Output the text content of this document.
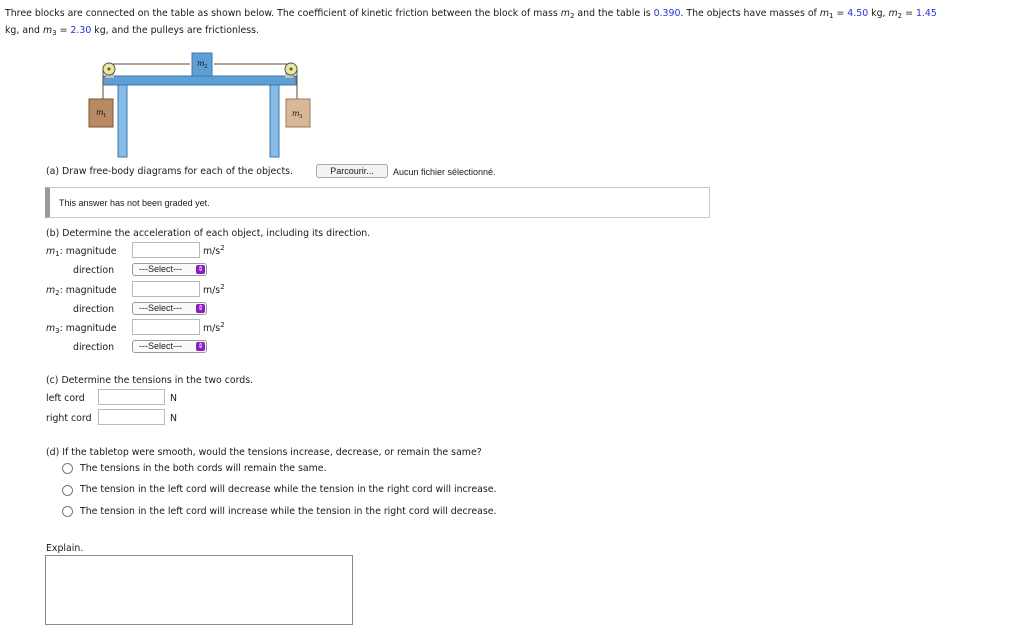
Three blocks are connected on the table as shown below. The coefficient of kinetic friction between the block of mass $m_2$ and the table is 0.390. The objects have masses of $m_1 = 4.50$ kg, $m_2 = 1.45$
kg, and $m_3 = 2.30$ kg, and the pulleys are frictionless.
m 2
m 1	m 3
(a) Draw free-body diagrams for each of the objects.	Parcourir...	Aucun fichier sélectionné.
This answer has not been graded yet.
(b) Determine the acceleration of each object, including its direction.
$m_1$: magnitude	$m/s^2$
direction	---Select--- ⇕
$m_2$: magnitude	$m/s^2$
direction	---Select--- ⇕
$m_3$: magnitude	$m/s^2$
direction	---Select--- ⇕
(c) Determine the tensions in the two cords.
left cord	N
right cord	N
(d) If the tabletop were smooth, would the tensions increase, decrease, or remain the same?
The tensions in the both cords will remain the same.
The tension in the left cord will decrease while the tension in the right cord will increase.
The tension in the left cord will increase while the tension in the right cord will decrease.
Explain.
